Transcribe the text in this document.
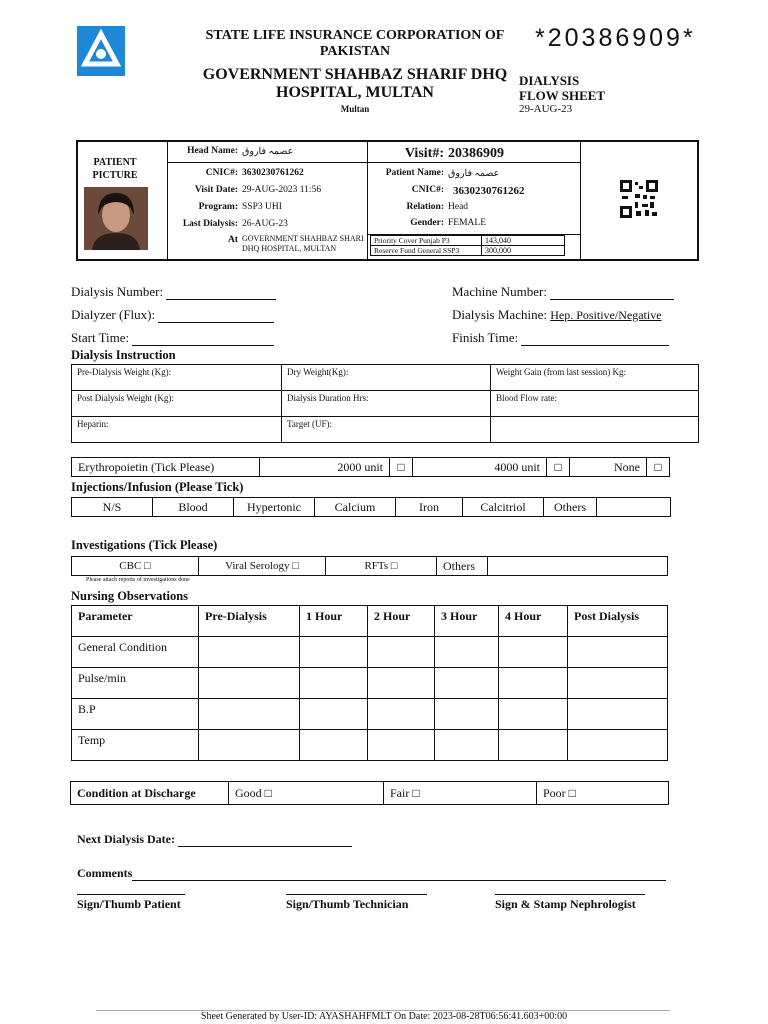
STATE LIFE INSURANCE CORPORATION OF
PAKISTAN
GOVERNMENT SHAHBAZ SHARIF DHQ
HOSPITAL, MULTAN
Multan
*20386909*
DIALYSIS
FLOW SHEET
29-AUG-23
PATIENT
PICTURE
Head Name: عصمہ فاروق
CNIC#: 3630230761262
Visit Date: 29-AUG-2023 11:56
Program: SSP3 UHI
Last Dialysis: 26-AUG-23
At GOVERNMENT SHAHBAZ SHARI
DHQ HOSPITAL, MULTAN
Visit#: 20386909
Patient Name: عصمہ فاروق
CNIC#: 3630230761262
Relation: Head
Gender: FEMALE
Priority Cover Punjab P3	143,040
Reserve Fund General SSP3	300,000
Dialysis Number:	Machine Number:
Dialyzer (Flux):	Dialysis Machine: Hep. Positive/Negative
Start Time:	Finish Time:
Dialysis Instruction
Pre-Dialysis Weight (Kg):	Dry Weight(Kg):	Weight Gain (from last session) Kg:
Post Dialysis Weight (Kg):	Dialysis Duration Hrs:	Blood Flow rate:
Heparin:	Target (UF):	
Erythropoietin (Tick Please)	2000 unit	□	4000 unit	□	None	□
Injections/Infusion (Please Tick)
N/S	Blood	Hypertonic	Calcium	Iron	Calcitriol	Others	
Investigations (Tick Please)
CBC □	Viral Serology □	RFTs □	Others	
Please attach reports of investigations done
Nursing Observations
Parameter	Pre-Dialysis	1 Hour	2 Hour	3 Hour	4 Hour	Post Dialysis
General Condition						
Pulse/min						
B.P						
Temp						
Condition at Discharge	Good □	Fair □	Poor □
Next Dialysis Date:
Comments
Sign/Thumb Patient	Sign/Thumb Technician	Sign & Stamp Nephrologist
Sheet Generated by User-ID: AYASHAHFMLT On Date: 2023-08-28T06:56:41.603+00:00
